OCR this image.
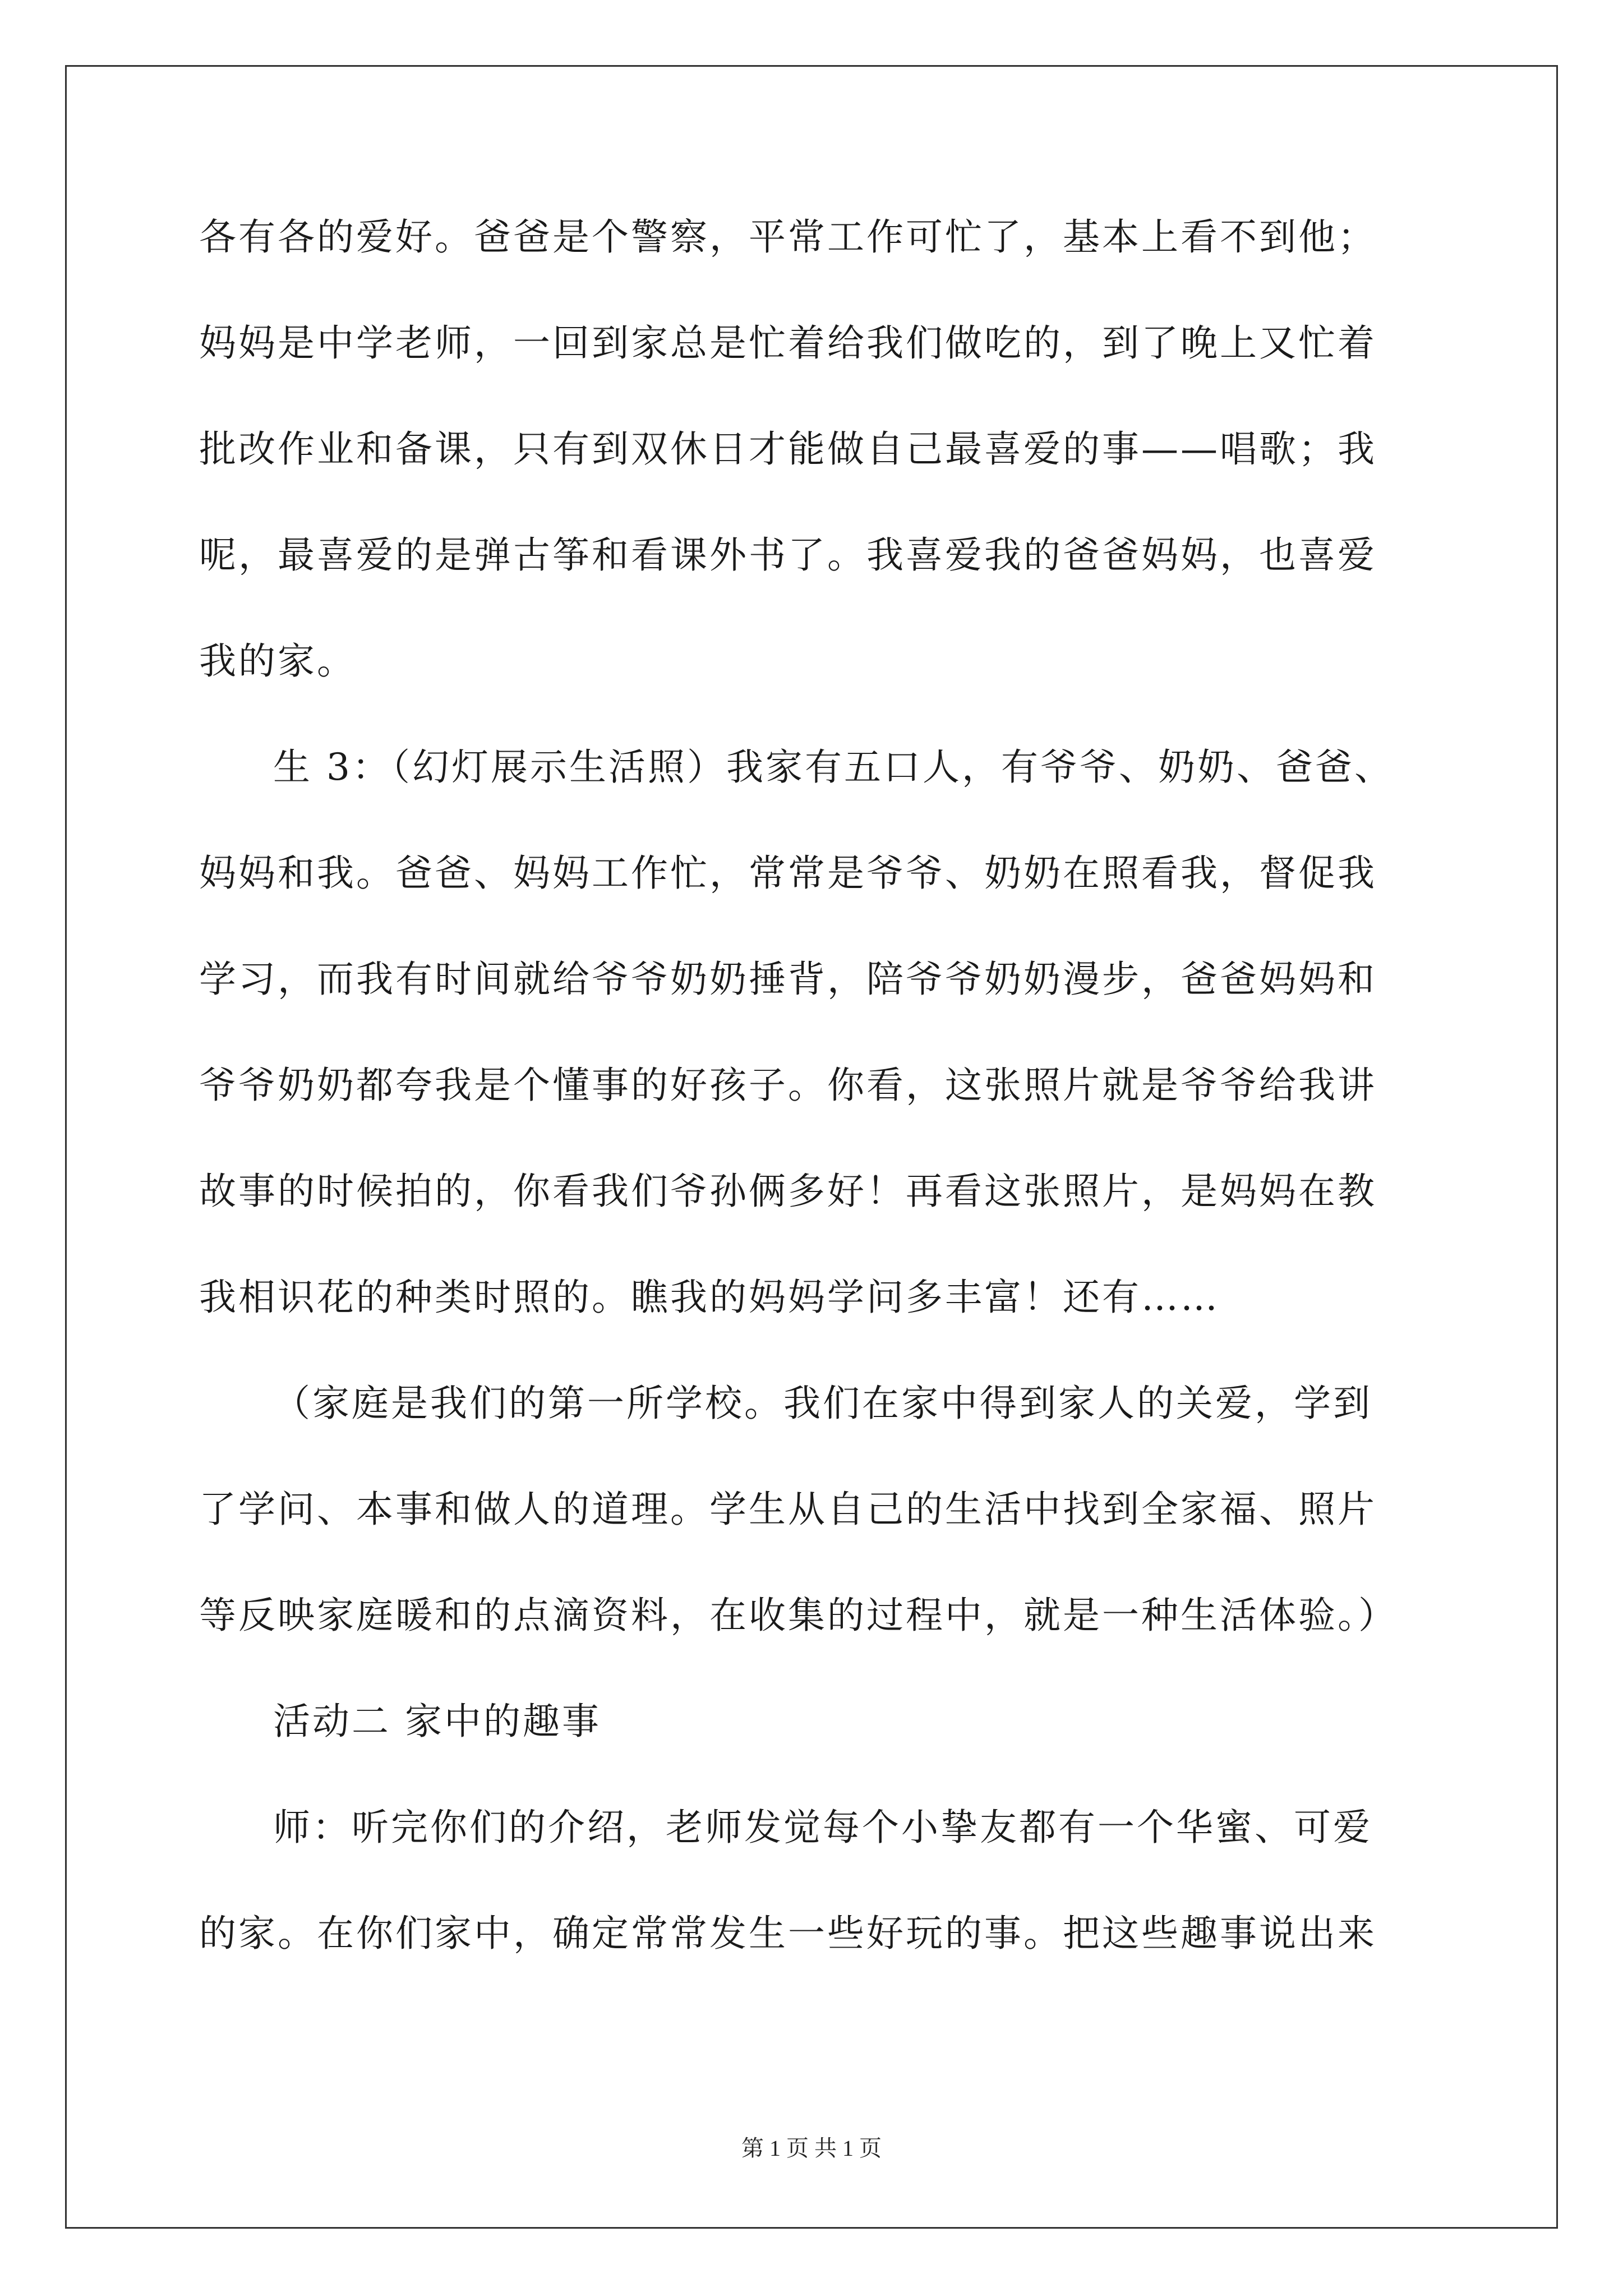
各有各的爱好。爸爸是个警察，平常工作可忙了，基本上看不到他；
妈妈是中学老师，一回到家总是忙着给我们做吃的，到了晚上又忙着
批改作业和备课，只有到双休日才能做自己最喜爱的事——唱歌；我
呢，最喜爱的是弹古筝和看课外书了。我喜爱我的爸爸妈妈，也喜爱
我的家。
生 3：（幻灯展示生活照）我家有五口人，有爷爷、奶奶、爸爸、
妈妈和我。爸爸、妈妈工作忙，常常是爷爷、奶奶在照看我，督促我
学习，而我有时间就给爷爷奶奶捶背，陪爷爷奶奶漫步，爸爸妈妈和
爷爷奶奶都夸我是个懂事的好孩子。你看，这张照片就是爷爷给我讲
故事的时候拍的，你看我们爷孙俩多好！再看这张照片，是妈妈在教
我相识花的种类时照的。瞧我的妈妈学问多丰富！还有……
（家庭是我们的第一所学校。我们在家中得到家人的关爱，学到
了学问、本事和做人的道理。学生从自己的生活中找到全家福、照片
等反映家庭暖和的点滴资料，在收集的过程中，就是一种生活体验。）
活动二 家中的趣事
师：听完你们的介绍，老师发觉每个小挚友都有一个华蜜、可爱
的家。在你们家中，确定常常发生一些好玩的事。把这些趣事说出来
第 1 页 共 1 页
